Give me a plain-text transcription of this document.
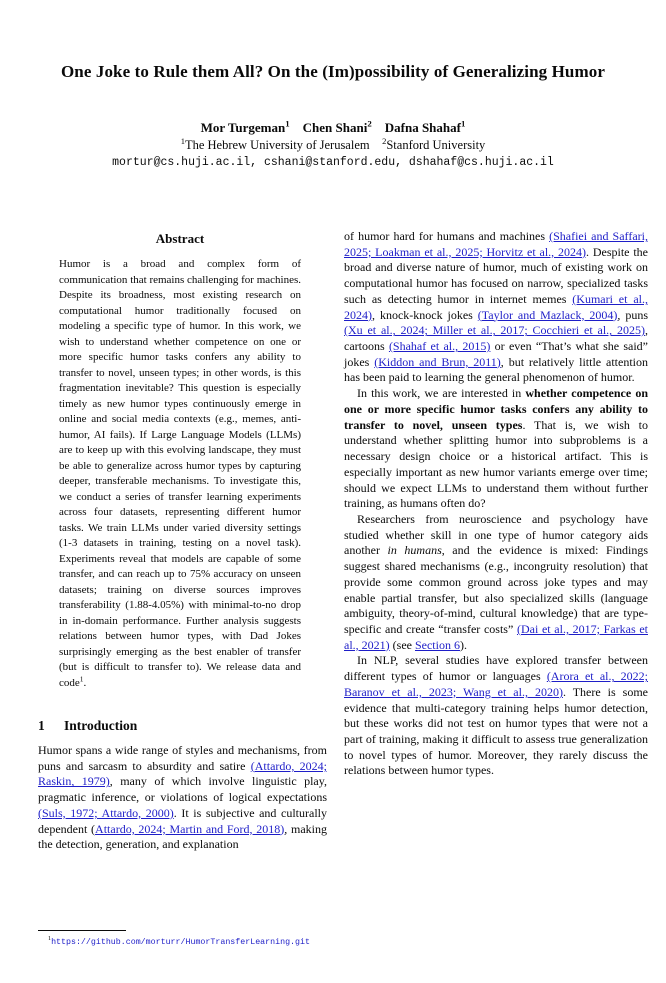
One Joke to Rule them All? On the (Im)possibility of Generalizing Humor
Mor Turgeman$^1$ Chen Shani$^2$ Dafna Shahaf$^1$
$^1$The Hebrew University of Jerusalem $^2$Stanford University
mortur@cs.huji.ac.il, cshani@stanford.edu, dshahaf@cs.huji.ac.il
Abstract
Humor is a broad and complex form of communication that remains challenging for machines. Despite its broadness, most existing research on computational humor traditionally focused on modeling a specific type of humor. In this work, we wish to understand whether competence on one or more specific humor tasks confers any ability to transfer to novel, unseen types; in other words, is this fragmentation inevitable? This question is especially timely as new humor types continuously emerge in online and social media contexts (e.g., memes, anti-humor, AI fails). If Large Language Models (LLMs) are to keep up with this evolving landscape, they must be able to generalize across humor types by capturing deeper, transferable mechanisms. To investigate this, we conduct a series of transfer learning experiments across four datasets, representing different humor tasks. We train LLMs under varied diversity settings (1-3 datasets in training, testing on a novel task). Experiments reveal that models are capable of some transfer, and can reach up to 75% accuracy on unseen datasets; training on diverse sources improves transferability (1.88-4.05%) with minimal-to-no drop in in-domain performance. Further analysis suggests relations between humor types, with Dad Jokes surprisingly emerging as the best enabler of transfer (but is difficult to transfer to). We release data and code$^1$.
1 Introduction

Humor spans a wide range of styles and mechanisms, from puns and sarcasm to absurdity and satire (Attardo, 2024; Raskin, 1979), many of which involve linguistic play, pragmatic inference, or violations of logical expectations (Suls, 1972; Attardo, 2000). It is subjective and culturally dependent (Attardo, 2024; Martin and Ford, 2018), making the detection, generation, and explanation

$^1$https://github.com/morturr/HumorTransferLearning.git

of humor hard for humans and machines (Shafiei and Saffari, 2025; Loakman et al., 2025; Horvitz et al., 2024). Despite the broad and diverse nature of humor, much of existing work on computational humor has focused on narrow, specialized tasks such as detecting humor in internet memes (Kumari et al., 2024), knock-knock jokes (Taylor and Mazlack, 2004), puns (Xu et al., 2024; Miller et al., 2017; Cocchieri et al., 2025), cartoons (Shahaf et al., 2015) or even “That’s what she said” jokes (Kiddon and Brun, 2011), but relatively little attention has been paid to learning the general phenomenon of humor.

In this work, we are interested in whether competence on one or more specific humor tasks confers any ability to transfer to novel, unseen types. That is, we wish to understand whether splitting humor into subproblems is a necessary design choice or a historical artifact. This is especially important as new humor variants emerge over time; should we expect LLMs to understand them without further training, as humans often do?

Researchers from neuroscience and psychology have studied whether skill in one type of humor category aids another in humans, and the evidence is mixed: Findings suggest shared mechanisms (e.g., incongruity resolution) that provide some common ground across joke types and may enable partial transfer, but also specialized skills (language ambiguity, theory-of-mind, cultural knowledge) that are type-specific and create “transfer costs” (Dai et al., 2017; Farkas et al., 2021) (see Section 6).

In NLP, several studies have explored transfer between different types of humor or languages (Arora et al., 2022; Baranov et al., 2023; Wang et al., 2020). There is some evidence that multi-category training helps humor detection, but these works did not test on humor types that were not a part of training, making it difficult to assess true generalization to novel types of humor. Moreover, they rarely discuss the relations between humor types.
